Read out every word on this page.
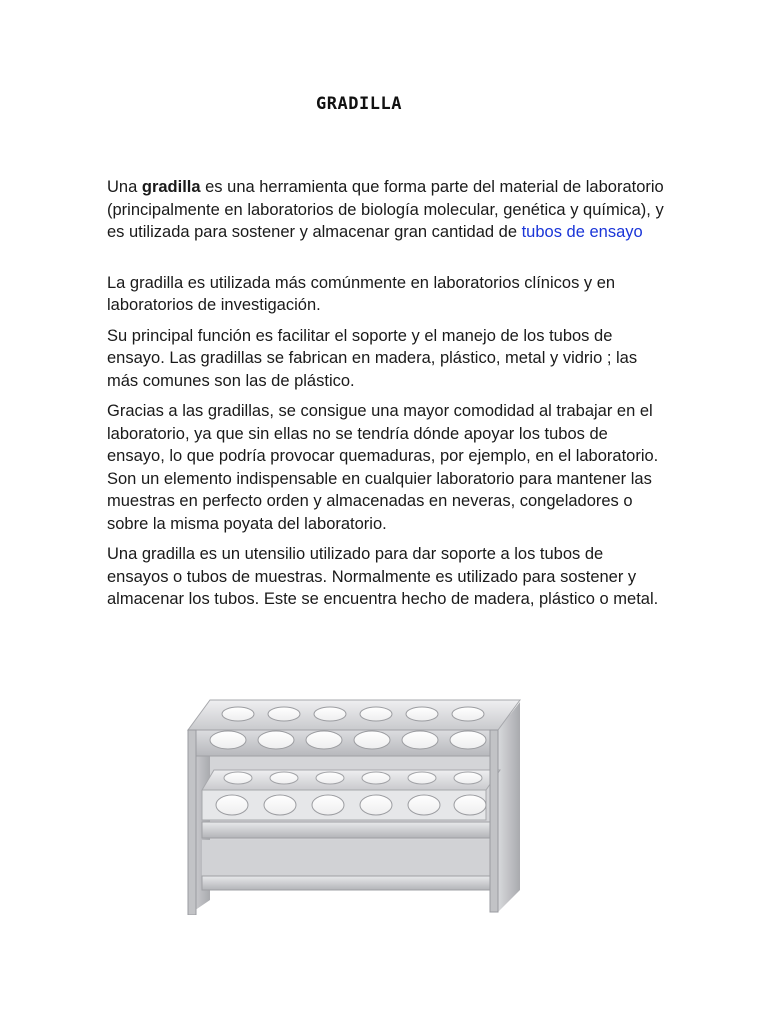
GRADILLA

Una gradilla es una herramienta que forma parte del material de laboratorio (principalmente en laboratorios de biología molecular, genética y química), y es utilizada para sostener y almacenar gran cantidad de tubos de ensayo

La gradilla es utilizada más comúnmente en laboratorios clínicos y en laboratorios de investigación.

Su principal función es facilitar el soporte y el manejo de los tubos de ensayo. Las gradillas se fabrican en madera, plástico, metal y vidrio ; las más comunes son las de plástico.

Gracias a las gradillas, se consigue una mayor comodidad al trabajar en el laboratorio, ya que sin ellas no se tendría dónde apoyar los tubos de ensayo, lo que podría provocar quemaduras, por ejemplo, en el laboratorio. Son un elemento indispensable en cualquier laboratorio para mantener las muestras en perfecto orden y almacenadas en neveras, congeladores o sobre la misma poyata del laboratorio.

Una gradilla es un utensilio utilizado para dar soporte a los tubos de ensayos o tubos de muestras. Normalmente es utilizado para sostener y almacenar los tubos. Este se encuentra hecho de madera, plástico o metal.
